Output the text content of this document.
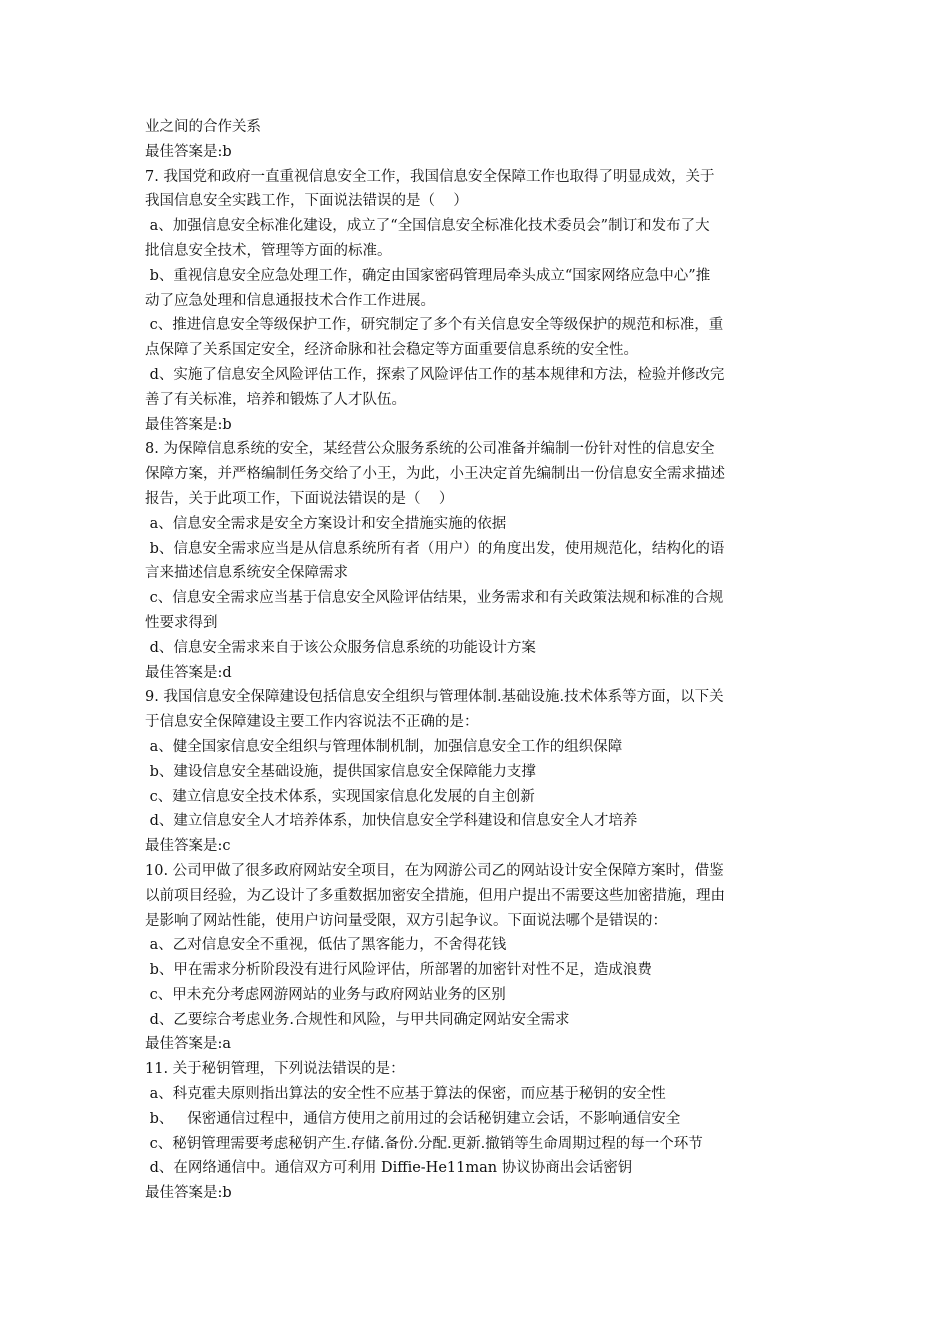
业之间的合作关系
最佳答案是:b
7. 我国党和政府一直重视信息安全工作，我国信息安全保障工作也取得了明显成效，关于
我国信息安全实践工作，下面说法错误的是（    ）
a、加强信息安全标准化建设，成立了“全国信息安全标准化技术委员会”制订和发布了大
批信息安全技术，管理等方面的标准。
b、重视信息安全应急处理工作，确定由国家密码管理局牵头成立“国家网络应急中心”推
动了应急处理和信息通报技术合作工作进展。
c、推进信息安全等级保护工作，研究制定了多个有关信息安全等级保护的规范和标准，重
点保障了关系国定安全，经济命脉和社会稳定等方面重要信息系统的安全性。
d、实施了信息安全风险评估工作，探索了风险评估工作的基本规律和方法，检验并修改完
善了有关标准，培养和锻炼了人才队伍。
最佳答案是:b
8. 为保障信息系统的安全，某经营公众服务系统的公司准备并编制一份针对性的信息安全
保障方案，并严格编制任务交给了小王，为此，小王决定首先编制出一份信息安全需求描述
报告，关于此项工作，下面说法错误的是（    ）
a、信息安全需求是安全方案设计和安全措施实施的依据
b、信息安全需求应当是从信息系统所有者（用户）的角度出发，使用规范化，结构化的语
言来描述信息系统安全保障需求
c、信息安全需求应当基于信息安全风险评估结果，业务需求和有关政策法规和标准的合规
性要求得到
d、信息安全需求来自于该公众服务信息系统的功能设计方案
最佳答案是:d
9. 我国信息安全保障建设包括信息安全组织与管理体制.基础设施.技术体系等方面，以下关
于信息安全保障建设主要工作内容说法不正确的是：
a、健全国家信息安全组织与管理体制机制，加强信息安全工作的组织保障
b、建设信息安全基础设施，提供国家信息安全保障能力支撑
c、建立信息安全技术体系，实现国家信息化发展的自主创新
d、建立信息安全人才培养体系，加快信息安全学科建设和信息安全人才培养
最佳答案是:c
10. 公司甲做了很多政府网站安全项目，在为网游公司乙的网站设计安全保障方案时，借鉴
以前项目经验，为乙设计了多重数据加密安全措施，但用户提出不需要这些加密措施，理由
是影响了网站性能，使用户访问量受限，双方引起争议。下面说法哪个是错误的：
a、乙对信息安全不重视，低估了黑客能力，不舍得花钱
b、甲在需求分析阶段没有进行风险评估，所部署的加密针对性不足，造成浪费
c、甲未充分考虑网游网站的业务与政府网站业务的区别
d、乙要综合考虑业务.合规性和风险，与甲共同确定网站安全需求
最佳答案是:a
11. 关于秘钥管理，下列说法错误的是：
a、科克霍夫原则指出算法的安全性不应基于算法的保密，而应基于秘钥的安全性
b、   保密通信过程中，通信方使用之前用过的会话秘钥建立会话，不影响通信安全
c、秘钥管理需要考虑秘钥产生.存储.备份.分配.更新.撤销等生命周期过程的每一个环节
d、在网络通信中。通信双方可利用 Diffie-He11man 协议协商出会话密钥
最佳答案是:b
